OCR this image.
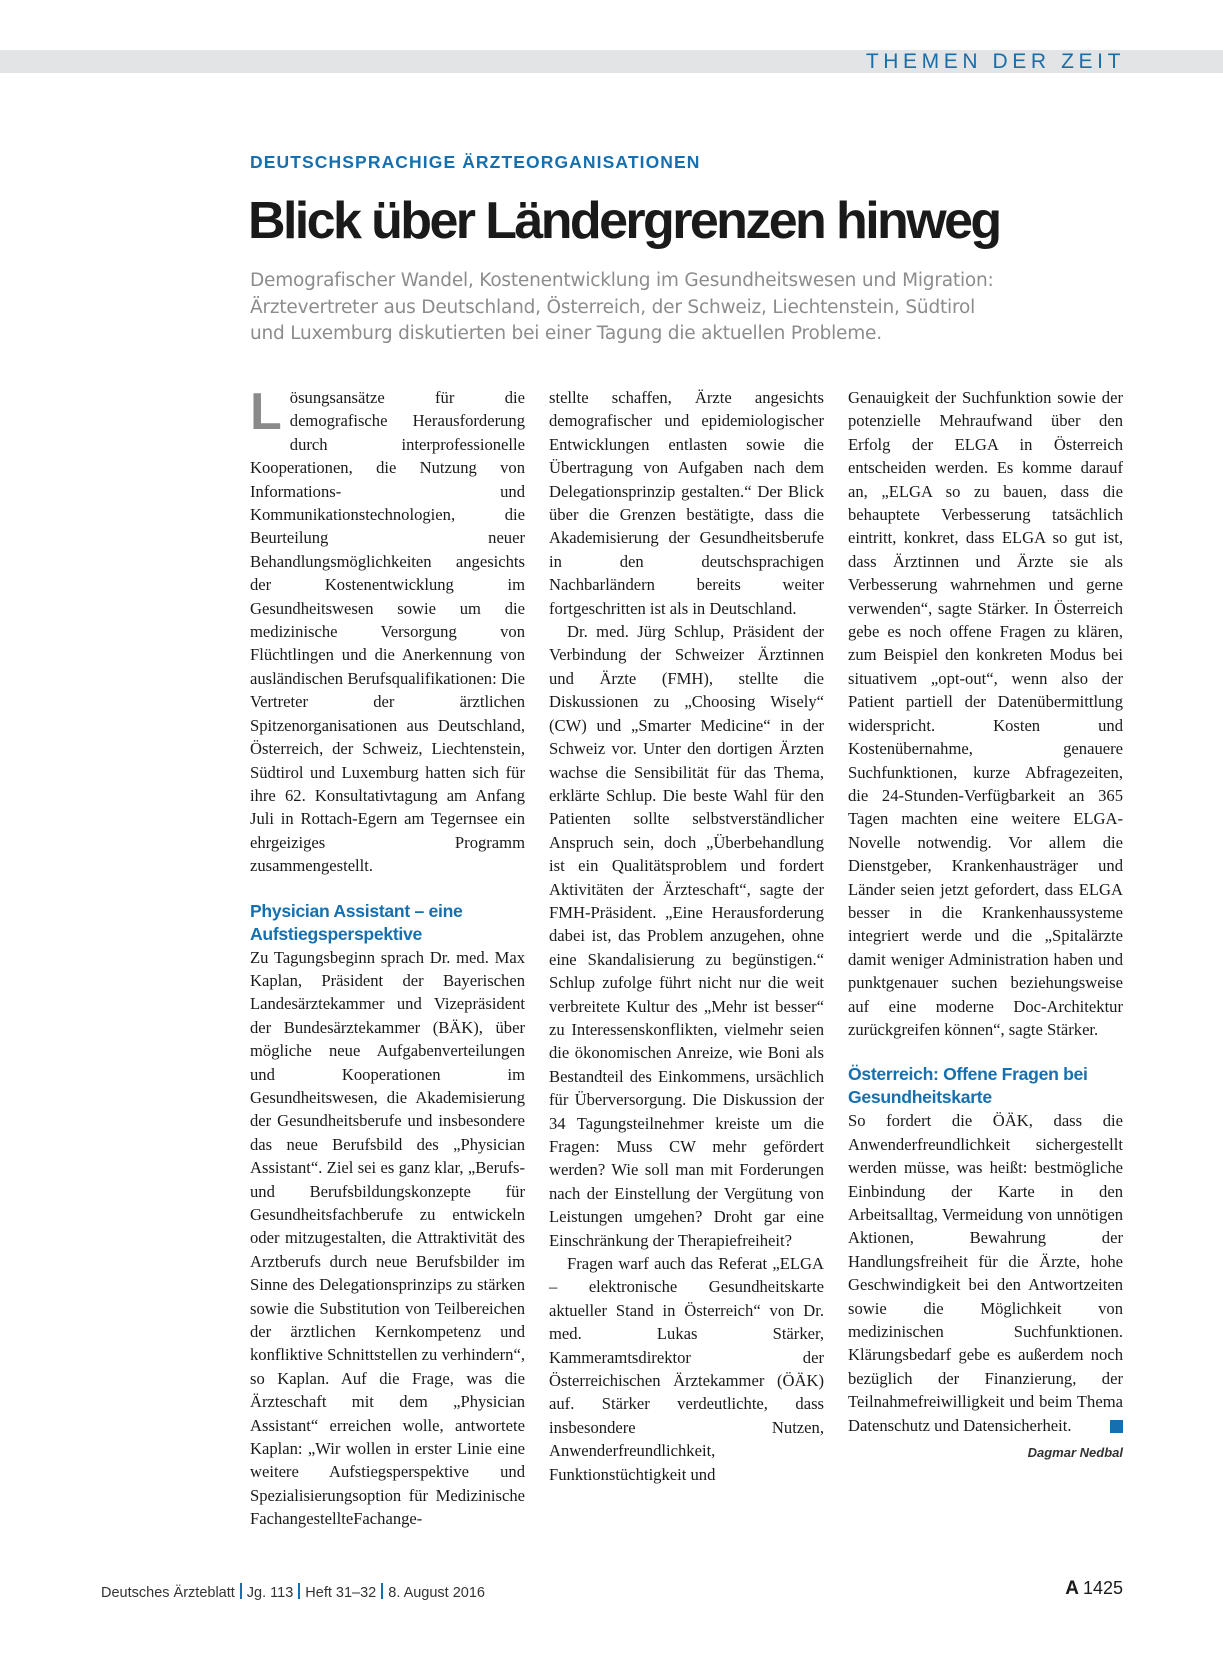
THEMEN DER ZEIT
DEUTSCHSPRACHIGE ÄRZTEORGANISATIONEN
Blick über Ländergrenzen hinweg
Demografischer Wandel, Kostenentwicklung im Gesundheitswesen und Migration:
Ärztevertreter aus Deutschland, Österreich, der Schweiz, Liechtenstein, Südtirol
und Luxemburg diskutierten bei einer Tagung die aktuellen Probleme.

Lösungsansätze für die demografische Herausforderung durch interprofessionelle Kooperationen, die Nutzung von Informations- und Kommunikationstechnologien, die Beurteilung neuer Behandlungsmöglichkeiten angesichts der Kostenentwicklung im Gesundheitswesen sowie um die medizinische Versorgung von Flüchtlingen und die Anerkennung von ausländischen Berufsqualifikationen: Die Vertreter der ärztlichen Spitzenorganisationen aus Deutschland, Österreich, der Schweiz, Liechtenstein, Südtirol und Luxemburg hatten sich für ihre 62. Konsultativtagung am Anfang Juli in Rottach-Egern am Tegernsee ein ehrgeiziges Programm zusammengestellt.

Physician Assistant – eine Aufstiegsperspektive

Zu Tagungsbeginn sprach Dr. med. Max Kaplan, Präsident der Bayerischen Landesärztekammer und Vizepräsident der Bundesärztekammer (BÄK), über mögliche neue Aufgabenverteilungen und Kooperationen im Gesundheitswesen, die Akademisierung der Gesundheitsberufe und insbesondere das neue Berufsbild des „Physician Assistant“. Ziel sei es ganz klar, „Berufs- und Berufsbildungskonzepte für Gesundheitsfachberufe zu entwickeln oder mitzugestalten, die Attraktivität des Arztberufs durch neue Berufsbilder im Sinne des Delegationsprinzips zu stärken sowie die Substitution von Teilbereichen der ärztlichen Kernkompetenz und konfliktive Schnittstellen zu verhindern“, so Kaplan. Auf die Frage, was die Ärzteschaft mit dem „Physician Assistant“ erreichen wolle, antwortete Kaplan: „Wir wollen in erster Linie eine weitere Aufstiegsperspektive und Spezialisierungsoption für Medizinische FachangestellteFachange-

stellte schaffen, Ärzte angesichts demografischer und epidemiologischer Entwicklungen entlasten sowie die Übertragung von Aufgaben nach dem Delegationsprinzip gestalten.“ Der Blick über die Grenzen bestätigte, dass die Akademisierung der Gesundheitsberufe in den deutschsprachigen Nachbarländern bereits weiter fortgeschritten ist als in Deutschland.

Dr. med. Jürg Schlup, Präsident der Verbindung der Schweizer Ärztinnen und Ärzte (FMH), stellte die Diskussionen zu „Choosing Wisely“ (CW) und „Smarter Medicine“ in der Schweiz vor. Unter den dortigen Ärzten wachse die Sensibilität für das Thema, erklärte Schlup. Die beste Wahl für den Patienten sollte selbstverständlicher Anspruch sein, doch „Überbehandlung ist ein Qualitätsproblem und fordert Aktivitäten der Ärzteschaft“, sagte der FMH-Präsident. „Eine Herausforderung dabei ist, das Problem anzugehen, ohne eine Skandalisierung zu begünstigen.“ Schlup zufolge führt nicht nur die weit verbreitete Kultur des „Mehr ist besser“ zu Interessenskonflikten, vielmehr seien die ökonomischen Anreize, wie Boni als Bestandteil des Einkommens, ursächlich für Überversorgung. Die Diskussion der 34 Tagungsteilnehmer kreiste um die Fragen: Muss CW mehr gefördert werden? Wie soll man mit Forderungen nach der Einstellung der Vergütung von Leistungen umgehen? Droht gar eine Einschränkung der Therapiefreiheit?

Fragen warf auch das Referat „ELGA – elektronische Gesundheitskarte aktueller Stand in Österreich“ von Dr. med. Lukas Stärker, Kammeramtsdirektor der Österreichischen Ärztekammer (ÖÄK) auf. Stärker verdeutlichte, dass insbesondere Nutzen, Anwenderfreundlichkeit, Funktionstüchtigkeit und

Genauigkeit der Suchfunktion sowie der potenzielle Mehraufwand über den Erfolg der ELGA in Österreich entscheiden werden. Es komme darauf an, „ELGA so zu bauen, dass die behauptete Verbesserung tatsächlich eintritt, konkret, dass ELGA so gut ist, dass Ärztinnen und Ärzte sie als Verbesserung wahrnehmen und gerne verwenden“, sagte Stärker. In Österreich gebe es noch offene Fragen zu klären, zum Beispiel den konkreten Modus bei situativem „opt-out“, wenn also der Patient partiell der Datenübermittlung widerspricht. Kosten und Kostenübernahme, genauere Suchfunktionen, kurze Abfragezeiten, die 24-Stunden-Verfügbarkeit an 365 Tagen machten eine weitere ELGA-Novelle notwendig. Vor allem die Dienstgeber, Krankenhausträger und Länder seien jetzt gefordert, dass ELGA besser in die Krankenhaussysteme integriert werde und die „Spitalärzte damit weniger Administration haben und punktgenauer suchen beziehungsweise auf eine moderne Doc-Architektur zurückgreifen können“, sagte Stärker.

Österreich: Offene Fragen bei Gesundheitskarte

So fordert die ÖÄK, dass die Anwenderfreundlichkeit sichergestellt werden müsse, was heißt: bestmögliche Einbindung der Karte in den Arbeitsalltag, Vermeidung von unnötigen Aktionen, Bewahrung der Handlungsfreiheit für die Ärzte, hohe Geschwindigkeit bei den Antwortzeiten sowie die Möglichkeit von medizinischen Suchfunktionen. Klärungsbedarf gebe es außerdem noch bezüglich der Finanzierung, der Teilnahmefreiwilligkeit und beim Thema Datenschutz und Datensicherheit.

Dagmar Nedbal
Deutsches Ärzteblatt Jg. 113 Heft 31–32 8. August 2016	A 1425
